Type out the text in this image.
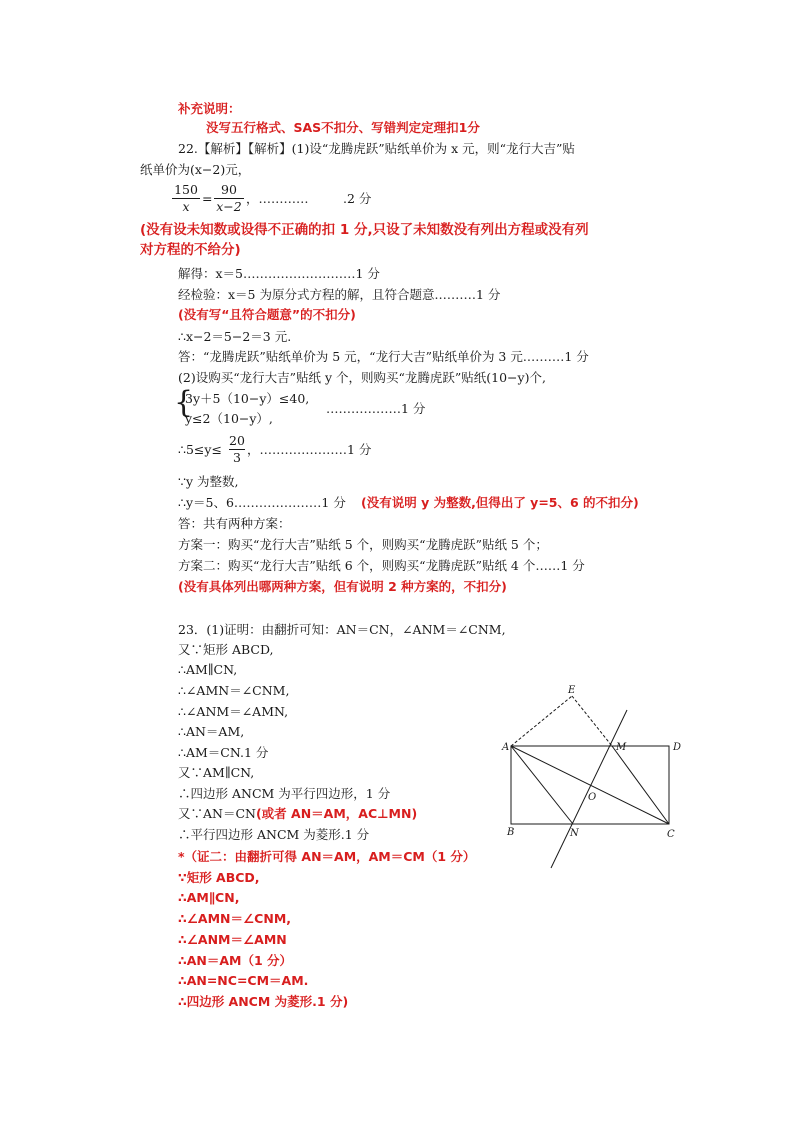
补充说明：
没写五行格式、SAS不扣分、写错判定定理扣1分
22.【解析】【解析】(1)设“龙腾虎跃”贴纸单价为 x 元，则“龙行大吉”贴
纸单价为(x−2)元，
150
x
=
90
x−2
，…………	.2 分
(没有设未知数或设得不正确的扣 1 分,只设了未知数没有列出方程或没有列
对方程的不给分)
解得：x＝5………………………1 分
经检验：x＝5 为原分式方程的解，且符合题意.………1 分
(没有写“且符合题意”的不扣分)
∴x−2＝5−2＝3 元.
答：“龙腾虎跃”贴纸单价为 5 元，“龙行大吉”贴纸单价为 3 元.………1 分
(2)设购买“龙行大吉”贴纸 y 个，则购买“龙腾虎跃”贴纸(10−y)个,
{
3y＋5（10−y）≤40,
y≤2（10−y）,
………………1 分
∴5≤y≤
20
3
，…………………1 分
∵y 为整数,
∴y＝5、6…………………1 分 (没有说明 y 为整数,但得出了 y=5、6 的不扣分)
答：共有两种方案：
方案一：购买“龙行大吉”贴纸 5 个，则购买“龙腾虎跃”贴纸 5 个；
方案二：购买“龙行大吉”贴纸 6 个，则购买“龙腾虎跃”贴纸 4 个……1 分
(没有具体列出哪两种方案，但有说明 2 种方案的，不扣分)
23．(1)证明：由翻折可知：AN＝CN，∠ANM＝∠CNM,
又∵矩形 ABCD,
∴AM∥CN,
∴∠AMN＝∠CNM,
∴∠ANM＝∠AMN,
∴AN＝AM,
∴AM＝CN.1 分
又∵AM∥CN,
∴四边形 ANCM 为平行四边形，1 分
又∵AN＝CN(或者 AN＝AM，AC⊥MN)
∴平行四边形 ANCM 为菱形.1 分
*（证二：由翻折可得 AN＝AM，AM＝CM（1 分）
∵矩形 ABCD,
∴AM∥CN,
∴∠AMN＝∠CNM,
∴∠ANM＝∠AMN
∴AN＝AM（1 分）
∴AN=NC=CM＝AM.
∴四边形 ANCM 为菱形.1 分)
E
A	M	D
O
B	N	C
